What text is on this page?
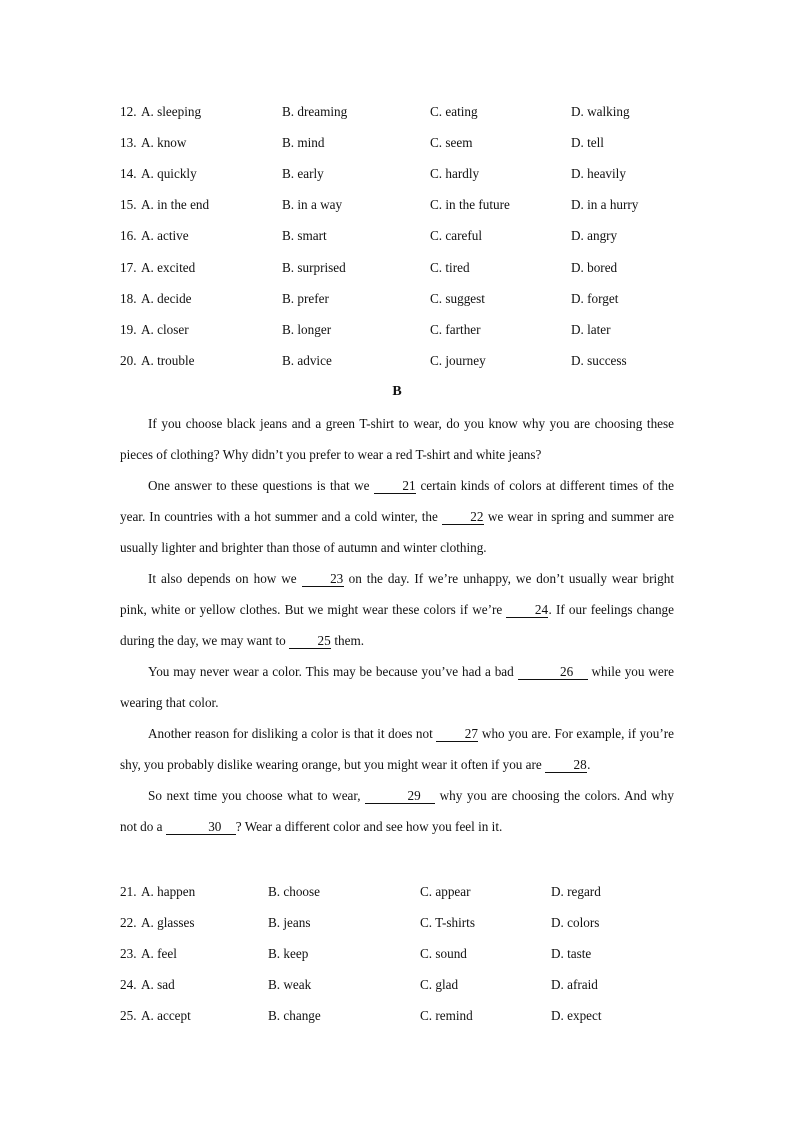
12. A. sleeping	B. dreaming	C. eating	D. walking
13. A. know	B. mind	C. seem	D. tell
14. A. quickly	B. early	C. hardly	D. heavily
15. A. in the end	B. in a way	C. in the future	D. in a hurry
16. A. active	B. smart	C. careful	D. angry
17. A. excited	B. surprised	C. tired	D. bored
18. A. decide	B. prefer	C. suggest	D. forget
19. A. closer	B. longer	C. farther	D. later
20. A. trouble	B. advice	C. journey	D. success
B

If you choose black jeans and a green T-shirt to wear, do you know why you are choosing these pieces of clothing? Why didn’t you prefer to wear a red T-shirt and white jeans?

One answer to these questions is that we 21 certain kinds of colors at different times of the year. In countries with a hot summer and a cold winter, the 22 we wear in spring and summer are usually lighter and brighter than those of autumn and winter clothing.

It also depends on how we	23 on the day. If we’re unhappy, we don’t usually wear bright pink, white or yellow clothes. But we might wear these colors if we’re 24. If our feelings change during the day, we may want to 25 them.

You may never wear a color. This may be because you’ve had a bad	26 while you were wearing that color.

Another reason for disliking a color is that it does not 27 who you are. For example, if you’re shy, you probably dislike wearing orange, but you might wear it often if you are 28.

So next time you choose what to wear,	29 why you are choosing the colors. And why not do a	30 ? Wear a different color and see how you feel in it.

21. A. happen	B. choose	C. appear	D. regard
22. A. glasses	B. jeans	C. T-shirts	D. colors
23. A. feel	B. keep	C. sound	D. taste
24. A. sad	B. weak	C. glad	D. afraid
25. A. accept	B. change	C. remind	D. expect
